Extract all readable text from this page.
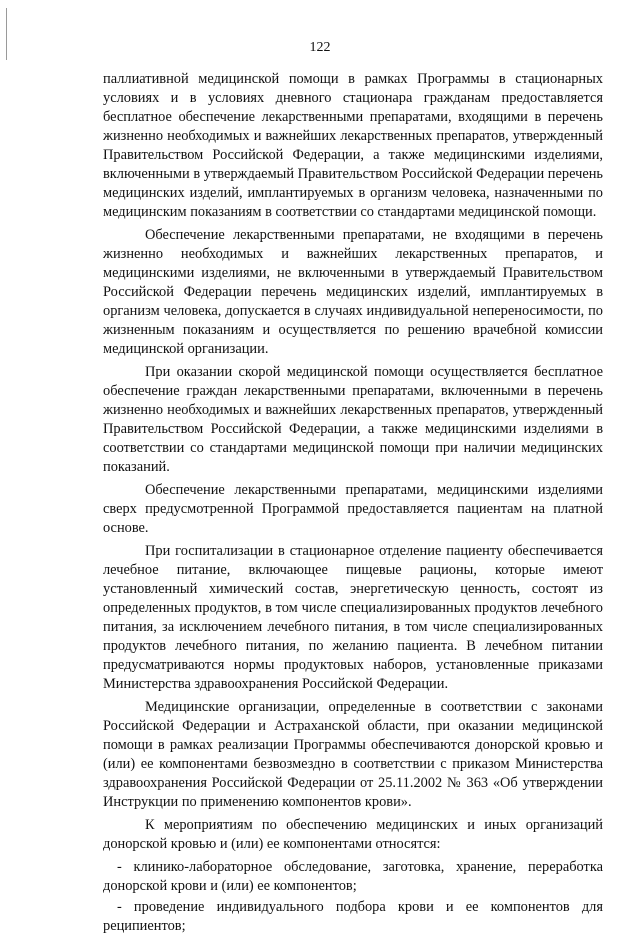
122

паллиативной медицинской помощи в рамках Программы в стационарных условиях и в условиях дневного стационара гражданам предоставляется бесплатное обеспечение лекарственными препаратами, входящими в перечень жизненно необходимых и важнейших лекарственных препаратов, утвержденный Правительством Российской Федерации, а также медицинскими изделиями, включенными в утверждаемый Правительством Российской Федерации перечень медицинских изделий, имплантируемых в организм человека, назначенными по медицинским показаниям в соответствии со стандартами медицинской помощи.

Обеспечение лекарственными препаратами, не входящими в перечень жизненно необходимых и важнейших лекарственных препаратов, и медицинскими изделиями, не включенными в утверждаемый Правительством Российской Федерации перечень медицинских изделий, имплантируемых в организм человека, допускается в случаях индивидуальной непереносимости, по жизненным показаниям и осуществляется по решению врачебной комиссии медицинской организации.

При оказании скорой медицинской помощи осуществляется бесплатное обеспечение граждан лекарственными препаратами, включенными в перечень жизненно необходимых и важнейших лекарственных препаратов, утвержденный Правительством Российской Федерации, а также медицинскими изделиями в соответствии со стандартами медицинской помощи при наличии медицинских показаний.

Обеспечение лекарственными препаратами, медицинскими изделиями сверх предусмотренной Программой предоставляется пациентам на платной основе.

При госпитализации в стационарное отделение пациенту обеспечивается лечебное питание, включающее пищевые рационы, которые имеют установленный химический состав, энергетическую ценность, состоят из определенных продуктов, в том числе специализированных продуктов лечебного питания, за исключением лечебного питания, в том числе специализированных продуктов лечебного питания, по желанию пациента. В лечебном питании предусматриваются нормы продуктовых наборов, установленные приказами Министерства здравоохранения Российской Федерации.

Медицинские организации, определенные в соответствии с законами Российской Федерации и Астраханской области, при оказании медицинской помощи в рамках реализации Программы обеспечиваются донорской кровью и (или) ее компонентами безвозмездно в соответствии с приказом Министерства здравоохранения Российской Федерации от 25.11.2002 № 363 «Об утверждении Инструкции по применению компонентов крови».

К мероприятиям по обеспечению медицинских и иных организаций донорской кровью и (или) ее компонентами относятся:

- клинико-лабораторное обследование, заготовка, хранение, переработка донорской крови и (или) ее компонентов;

- проведение индивидуального подбора крови и ее компонентов для реципиентов;
